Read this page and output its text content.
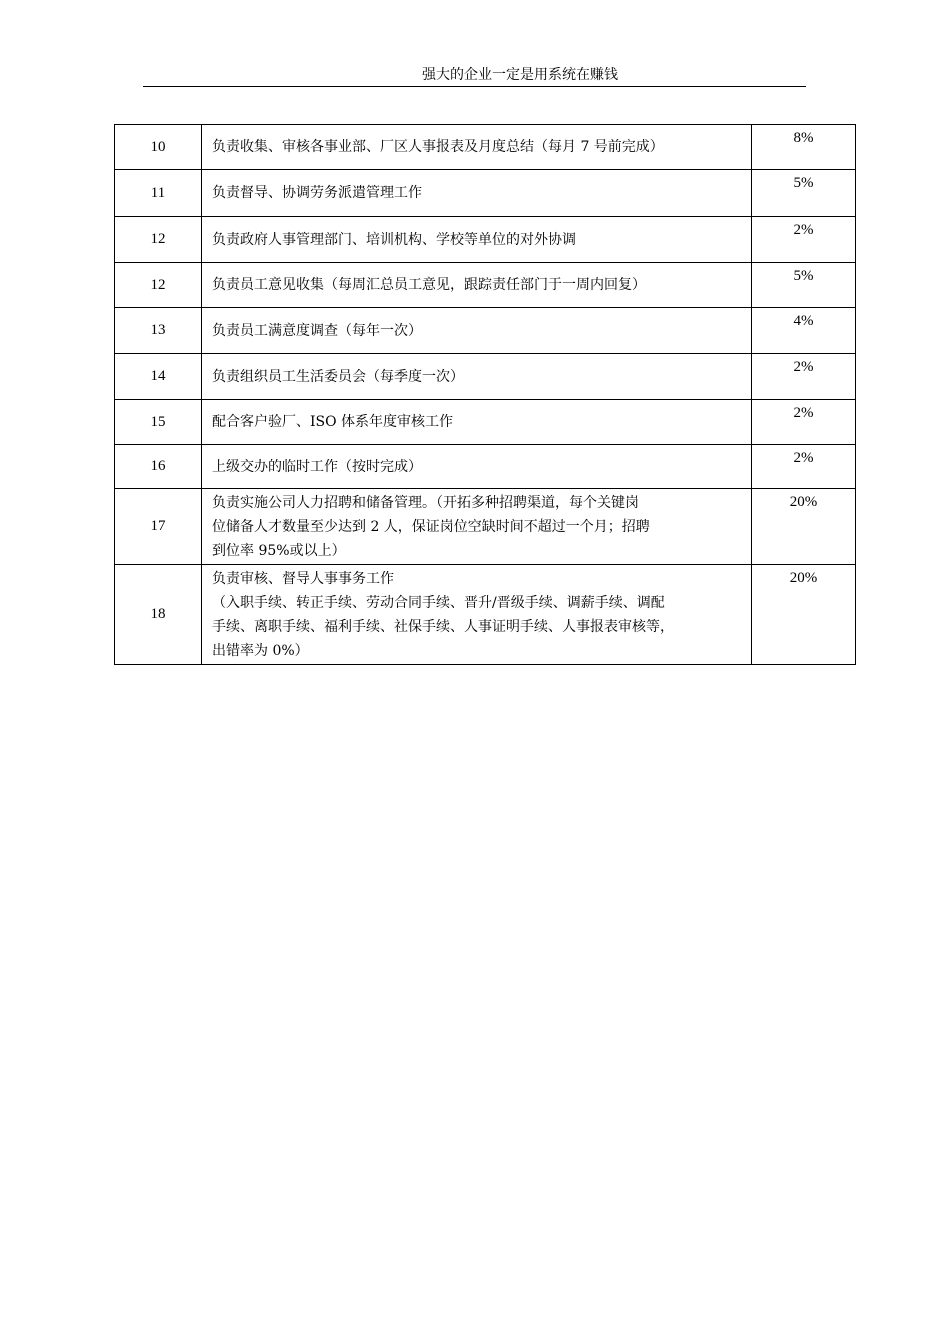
强大的企业一定是用系统在赚钱
10	负责收集、审核各事业部、厂区人事报表及月度总结（每月 7 号前完成）	8%
11	负责督导、协调劳务派遣管理工作	5%
12	负责政府人事管理部门、培训机构、学校等单位的对外协调	2%
12	负责员工意见收集（每周汇总员工意见，跟踪责任部门于一周内回复）	5%
13	负责员工满意度调查（每年一次）	4%
14	负责组织员工生活委员会（每季度一次）	2%
15	配合客户验厂、ISO 体系年度审核工作	2%
16	上级交办的临时工作（按时完成）	2%
17	负责实施公司人力招聘和储备管理。（开拓多种招聘渠道，每个关键岗
位储备人才数量至少达到 2 人，保证岗位空缺时间不超过一个月；招聘
到位率 95%或以上）	20%
18	负责审核、督导人事事务工作
（入职手续、转正手续、劳动合同手续、晋升/晋级手续、调薪手续、调配
手续、离职手续、福利手续、社保手续、人事证明手续、人事报表审核等，
出错率为 0%）	20%
